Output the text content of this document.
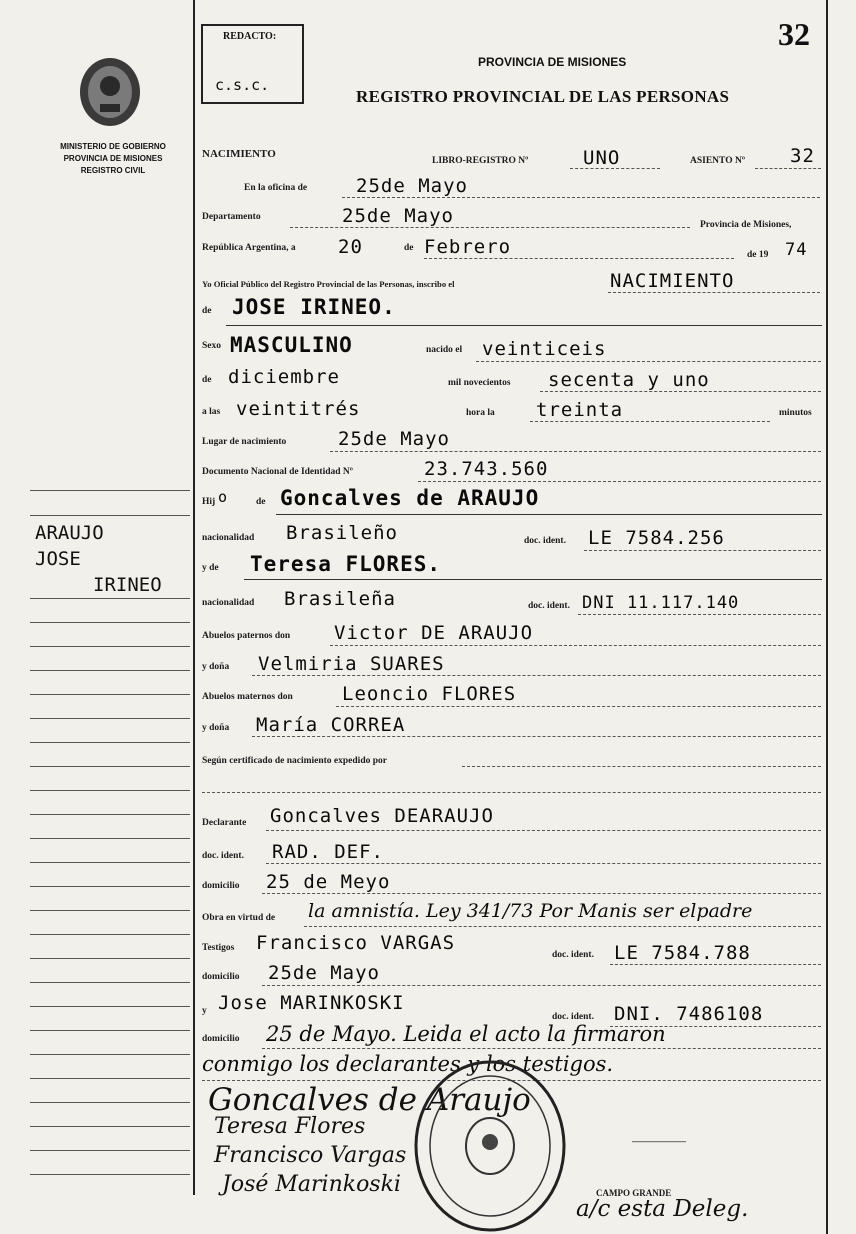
MINISTERIO DE GOBIERNO
PROVINCIA DE MISIONES
REGISTRO CIVIL
REDACTO:
c.s.c.
32
PROVINCIA DE MISIONES
REGISTRO PROVINCIAL DE LAS PERSONAS
ARAUJO
JOSE
IRINEO
NACIMIENTO
LIBRO-REGISTRO Nº	UNO	ASIENTO Nº 32
En la oficina de	25de Mayo
Departamento	25de Mayo	Provincia de Misiones,
República Argentina, a 20	de Febrero	de 19 74
Yo Oficial Público del Registro Provincial de las Personas, inscribo el	NACIMIENTO
de JOSE IRINEO.
Sexo MASCULINO	nacido el veinticeis
de diciembre	mil novecientos secenta y uno
a las veintitrés	hora la treinta	minutos
Lugar de nacimiento	25de Mayo
Documento Nacional de Identidad Nº	23.743.560
Hij o	de Goncalves de ARAUJO
nacionalidad Brasileño	doc. ident. LE 7584.256
y de Teresa FLORES.
nacionalidad Brasileña	doc. ident. DNI 11.117.140
Abuelos paternos don Victor DE ARAUJO
y doña Velmiria SUARES
Abuelos maternos don	Leoncio FLORES
y doña María CORREA
Según certificado de nacimiento expedido por
Declarante Goncalves DEARAUJO
doc. ident. RAD. DEF.
domicilio 25 de Meyo
Obra en virtud de la amnistía. Ley 341/73 Por Manis ser elpadre
Testigos Francisco VARGAS
doc. ident. LE 7584.788
domicilio 25de Mayo
y Jose MARINKOSKI
doc. ident. DNI. 7486108
domicilio 25 de Mayo. Leida el acto la firmaron
conmigo los declarantes y los testigos.
Goncalves de Araujo
Teresa Flores
Francisco Vargas
José Marinkoski
——————
CAMPO GRANDE
a/c esta Deleg.
